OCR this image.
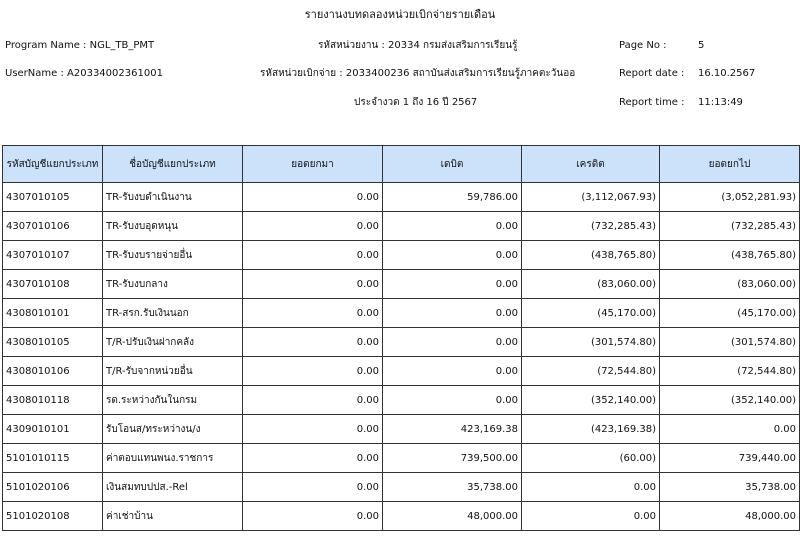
รายงานงบทดลองหน่วยเบิกจ่ายรายเดือน
Program Name : NGL_TB_PMT
UserName : A20334002361001
รหัสหน่วยงาน : 20334 กรมส่งเสริมการเรียนรู้
รหัสหน่วยเบิกจ่าย : 2033400236 สถาบันส่งเสริมการเรียนรู้ภาคตะวันออ
ประจำงวด 1 ถึง 16 ปี 2567
Page No :	5
Report date : 16.10.2567
Report time : 11:13:49
รหัสบัญชีแยกประเภท	ชื่อบัญชีแยกประเภท	ยอดยกมา	เดบิต	เครดิต	ยอดยกไป
4307010105	TR-รับงบดำเนินงาน	0.00	59,786.00	(3,112,067.93)	(3,052,281.93)
4307010106	TR-รับงบอุดหนุน	0.00	0.00	(732,285.43)	(732,285.43)
4307010107	TR-รับงบรายจ่ายอื่น	0.00	0.00	(438,765.80)	(438,765.80)
4307010108	TR-รับงบกลาง	0.00	0.00	(83,060.00)	(83,060.00)
4308010101	TR-สรก.รับเงินนอก	0.00	0.00	(45,170.00)	(45,170.00)
4308010105	T/R-ปรับเงินฝากคลัง	0.00	0.00	(301,574.80)	(301,574.80)
4308010106	T/R-รับจากหน่วยอื่น	0.00	0.00	(72,544.80)	(72,544.80)
4308010118	รด.ระหว่างกันในกรม	0.00	0.00	(352,140.00)	(352,140.00)
4309010101	รับโอนส/ทระหว่างน/ง	0.00	423,169.38	(423,169.38)	0.00
5101010115	ค่าตอบแทนพนง.ราชการ	0.00	739,500.00	(60.00)	739,440.00
5101020106	เงินสมทบปปส.-Rel	0.00	35,738.00	0.00	35,738.00
5101020108	ค่าเช่าบ้าน	0.00	48,000.00	0.00	48,000.00
